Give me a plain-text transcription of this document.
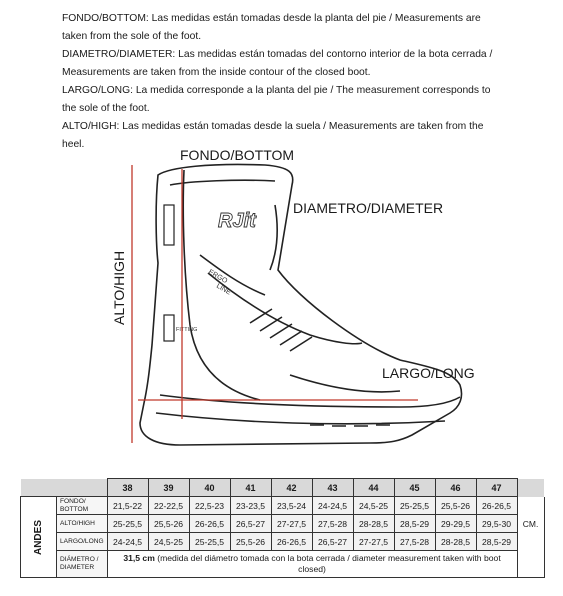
FONDO/BOTTOM: Las medidas están tomadas desde la planta del pie / Measurements are taken from the sole of the foot.

DIAMETRO/DIAMETER: Las medidas están tomadas del contorno interior de la bota cerrada / Measurements are taken from the inside contour of the closed boot.

LARGO/LONG: La medida corresponde a la planta del pie / The measurement corresponds to the sole of the foot.

ALTO/HIGH: Las medidas están tomadas desde la suela / Measurements are taken from the heel.

RJit
ERGO
LINE
FITTING
FONDO/BOTTOM
DIAMETRO/DIAMETER
LARGO/LONG
ALTO/HIGH
		38	39	40	41	42	43	44	45	46	47	
ANDES	FONDO/
BOTTOM	21,5-22	22-22,5	22,5-23	23-23,5	23,5-24	24-24,5	24,5-25	25-25,5	25,5-26	26-26,5	CM.
	ALTO/HIGH	25-25,5	25,5-26	26-26,5	26,5-27	27-27,5	27,5-28	28-28,5	28,5-29	29-29,5	29,5-30	
	LARGO/LONG	24-24,5	24,5-25	25-25,5	25,5-26	26-26,5	26,5-27	27-27,5	27,5-28	28-28,5	28,5-29	
	DIÁMETRO /
DIAMETER	31,5 cm (medida del diámetro tomada con la bota cerrada / diameter measurement taken with boot closed)										
